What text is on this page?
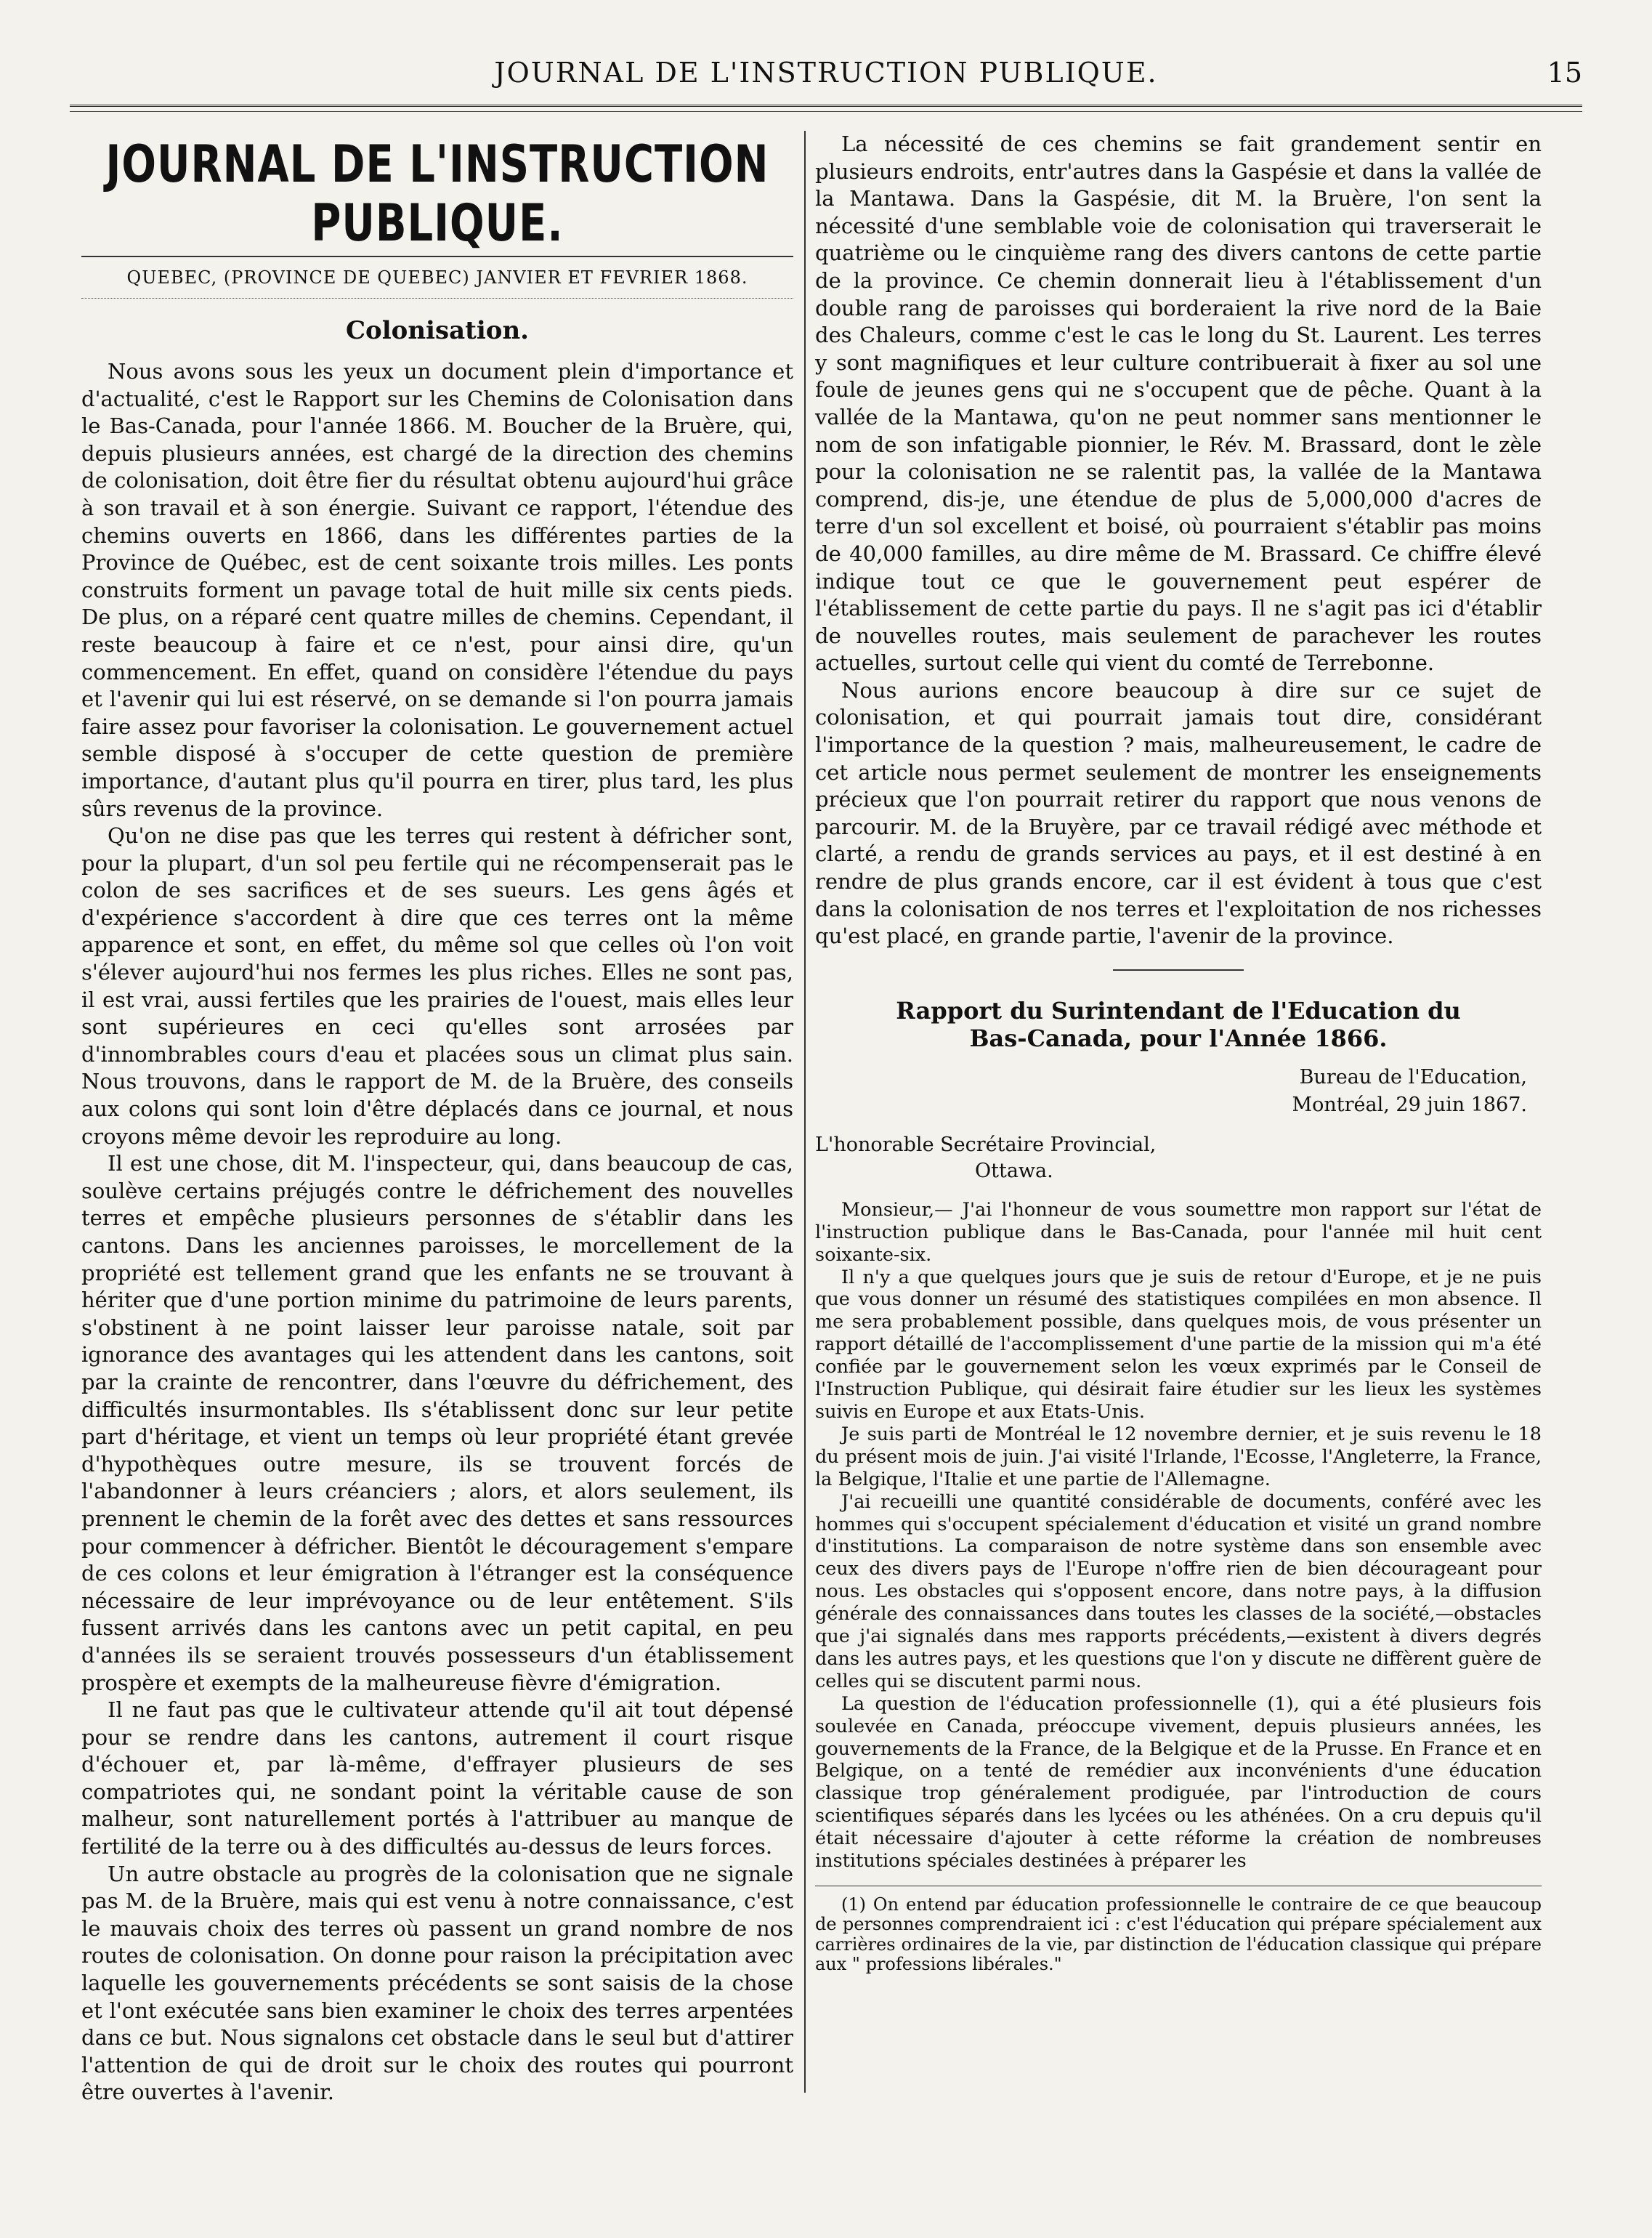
JOURNAL DE L'INSTRUCTION PUBLIQUE.	15
JOURNAL DE L'INSTRUCTION PUBLIQUE.
QUEBEC, (PROVINCE DE QUEBEC) JANVIER ET FEVRIER 1868.
Colonisation.

Nous avons sous les yeux un document plein d'importance et d'actualité, c'est le Rapport sur les Chemins de Colonisation dans le Bas-Canada, pour l'année 1866. M. Boucher de la Bruère, qui, depuis plusieurs années, est chargé de la direction des chemins de colonisation, doit être fier du résultat obtenu aujourd'hui grâce à son travail et à son énergie. Suivant ce rapport, l'étendue des chemins ouverts en 1866, dans les différentes parties de la Province de Québec, est de cent soixante trois milles. Les ponts construits forment un pavage total de huit mille six cents pieds. De plus, on a réparé cent quatre milles de chemins. Cependant, il reste beaucoup à faire et ce n'est, pour ainsi dire, qu'un commencement. En effet, quand on considère l'étendue du pays et l'avenir qui lui est réservé, on se demande si l'on pourra jamais faire assez pour favoriser la colonisation. Le gouvernement actuel semble disposé à s'occuper de cette question de première importance, d'autant plus qu'il pourra en tirer, plus tard, les plus sûrs revenus de la province.

Qu'on ne dise pas que les terres qui restent à défricher sont, pour la plupart, d'un sol peu fertile qui ne récompenserait pas le colon de ses sacrifices et de ses sueurs. Les gens âgés et d'expérience s'accordent à dire que ces terres ont la même apparence et sont, en effet, du même sol que celles où l'on voit s'élever aujourd'hui nos fermes les plus riches. Elles ne sont pas, il est vrai, aussi fertiles que les prairies de l'ouest, mais elles leur sont supérieures en ceci qu'elles sont arrosées par d'innombrables cours d'eau et placées sous un climat plus sain. Nous trouvons, dans le rapport de M. de la Bruère, des conseils aux colons qui sont loin d'être déplacés dans ce journal, et nous croyons même devoir les reproduire au long.

Il est une chose, dit M. l'inspecteur, qui, dans beaucoup de cas, soulève certains préjugés contre le défrichement des nouvelles terres et empêche plusieurs personnes de s'établir dans les cantons. Dans les anciennes paroisses, le morcellement de la propriété est tellement grand que les enfants ne se trouvant à hériter que d'une portion minime du patrimoine de leurs parents, s'obstinent à ne point laisser leur paroisse natale, soit par ignorance des avantages qui les attendent dans les cantons, soit par la crainte de rencontrer, dans l'œuvre du défrichement, des difficultés insurmontables. Ils s'établissent donc sur leur petite part d'héritage, et vient un temps où leur propriété étant grevée d'hypothèques outre mesure, ils se trouvent forcés de l'abandonner à leurs créanciers ; alors, et alors seulement, ils prennent le chemin de la forêt avec des dettes et sans ressources pour commencer à défricher. Bientôt le découragement s'empare de ces colons et leur émigration à l'étranger est la conséquence nécessaire de leur imprévoyance ou de leur entêtement. S'ils fussent arrivés dans les cantons avec un petit capital, en peu d'années ils se seraient trouvés possesseurs d'un établissement prospère et exempts de la malheureuse fièvre d'émigration.

Il ne faut pas que le cultivateur attende qu'il ait tout dépensé pour se rendre dans les cantons, autrement il court risque d'échouer et, par là-même, d'effrayer plusieurs de ses compatriotes qui, ne sondant point la véritable cause de son malheur, sont naturellement portés à l'attribuer au manque de fertilité de la terre ou à des difficultés au-dessus de leurs forces.

Un autre obstacle au progrès de la colonisation que ne signale pas M. de la Bruère, mais qui est venu à notre connaissance, c'est le mauvais choix des terres où passent un grand nombre de nos routes de colonisation. On donne pour raison la précipitation avec laquelle les gouvernements précédents se sont saisis de la chose et l'ont exécutée sans bien examiner le choix des terres arpentées dans ce but. Nous signalons cet obstacle dans le seul but d'attirer l'attention de qui de droit sur le choix des routes qui pourront être ouvertes à l'avenir.

La nécessité de ces chemins se fait grandement sentir en plusieurs endroits, entr'autres dans la Gaspésie et dans la vallée de la Mantawa. Dans la Gaspésie, dit M. la Bruère, l'on sent la nécessité d'une semblable voie de colonisation qui traverserait le quatrième ou le cinquième rang des divers cantons de cette partie de la province. Ce chemin donnerait lieu à l'établissement d'un double rang de paroisses qui borderaient la rive nord de la Baie des Chaleurs, comme c'est le cas le long du St. Laurent. Les terres y sont magnifiques et leur culture contribuerait à fixer au sol une foule de jeunes gens qui ne s'occupent que de pêche. Quant à la vallée de la Mantawa, qu'on ne peut nommer sans mentionner le nom de son infatigable pionnier, le Rév. M. Brassard, dont le zèle pour la colonisation ne se ralentit pas, la vallée de la Mantawa comprend, dis-je, une étendue de plus de 5,000,000 d'acres de terre d'un sol excellent et boisé, où pourraient s'établir pas moins de 40,000 familles, au dire même de M. Brassard. Ce chiffre élevé indique tout ce que le gouvernement peut espérer de l'établissement de cette partie du pays. Il ne s'agit pas ici d'établir de nouvelles routes, mais seulement de parachever les routes actuelles, surtout celle qui vient du comté de Terrebonne.

Nous aurions encore beaucoup à dire sur ce sujet de colonisation, et qui pourrait jamais tout dire, considérant l'importance de la question ? mais, malheureusement, le cadre de cet article nous permet seulement de montrer les enseignements précieux que l'on pourrait retirer du rapport que nous venons de parcourir. M. de la Bruyère, par ce travail rédigé avec méthode et clarté, a rendu de grands services au pays, et il est destiné à en rendre de plus grands encore, car il est évident à tous que c'est dans la colonisation de nos terres et l'exploitation de nos richesses qu'est placé, en grande partie, l'avenir de la province.

Rapport du Surintendant de l'Education du
Bas-Canada, pour l'Année 1866.
Bureau de l'Education,
Montréal, 29 juin 1867.
L'honorable Secrétaire Provincial,
Ottawa.

Monsieur,— J'ai l'honneur de vous soumettre mon rapport sur l'état de l'instruction publique dans le Bas-Canada, pour l'année mil huit cent soixante-six.

Il n'y a que quelques jours que je suis de retour d'Europe, et je ne puis que vous donner un résumé des statistiques compilées en mon absence. Il me sera probablement possible, dans quelques mois, de vous présenter un rapport détaillé de l'accomplissement d'une partie de la mission qui m'a été confiée par le gouvernement selon les vœux exprimés par le Conseil de l'Instruction Publique, qui désirait faire étudier sur les lieux les systèmes suivis en Europe et aux Etats-Unis.

Je suis parti de Montréal le 12 novembre dernier, et je suis revenu le 18 du présent mois de juin. J'ai visité l'Irlande, l'Ecosse, l'Angleterre, la France, la Belgique, l'Italie et une partie de l'Allemagne.

J'ai recueilli une quantité considérable de documents, conféré avec les hommes qui s'occupent spécialement d'éducation et visité un grand nombre d'institutions. La comparaison de notre système dans son ensemble avec ceux des divers pays de l'Europe n'offre rien de bien décourageant pour nous. Les obstacles qui s'opposent encore, dans notre pays, à la diffusion générale des connaissances dans toutes les classes de la société,—obstacles que j'ai signalés dans mes rapports précédents,—existent à divers degrés dans les autres pays, et les questions que l'on y discute ne diffèrent guère de celles qui se discutent parmi nous.

La question de l'éducation professionnelle (1), qui a été plusieurs fois soulevée en Canada, préoccupe vivement, depuis plusieurs années, les gouvernements de la France, de la Belgique et de la Prusse. En France et en Belgique, on a tenté de remédier aux inconvénients d'une éducation classique trop généralement prodiguée, par l'introduction de cours scientifiques séparés dans les lycées ou les athénées. On a cru depuis qu'il était nécessaire d'ajouter à cette réforme la création de nombreuses institutions spéciales destinées à préparer les

(1) On entend par éducation professionnelle le contraire de ce que beaucoup de personnes comprendraient ici : c'est l'éducation qui prépare spécialement aux carrières ordinaires de la vie, par distinction de l'éducation classique qui prépare aux " professions libérales."
